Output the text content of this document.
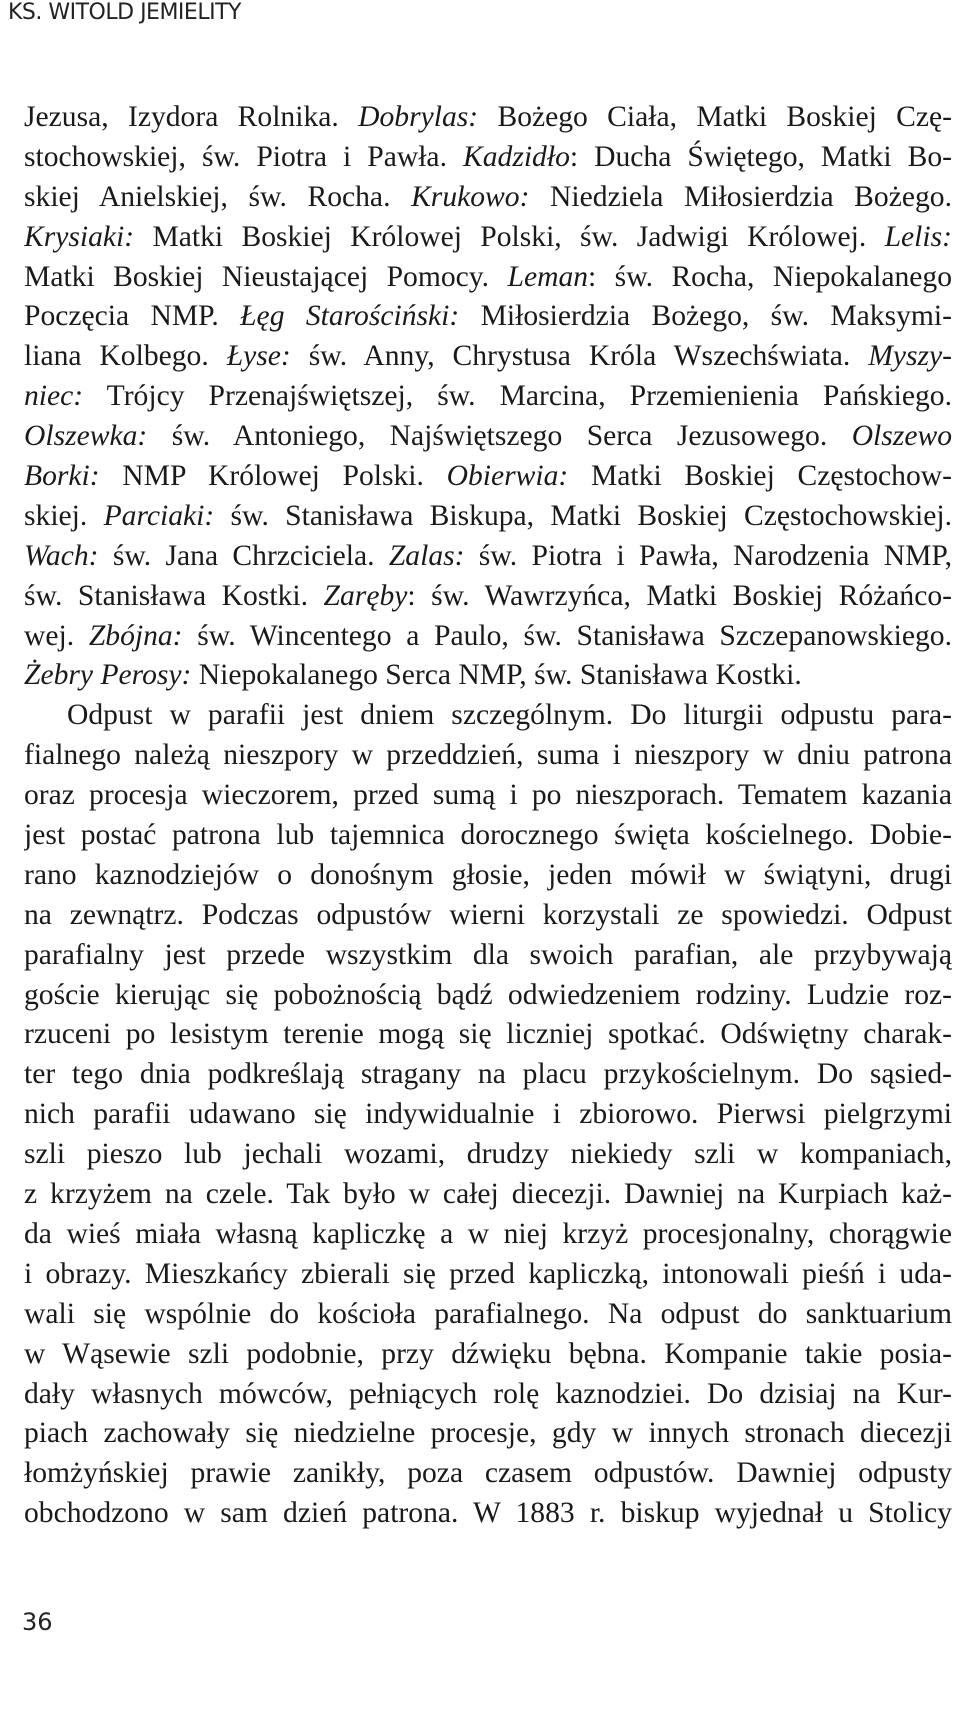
KS. WITOLD JEMIELITY
Jezusa, Izydora Rolnika. Dobrylas: Bożego Ciała, Matki Boskiej Czę-
stochowskiej, św. Piotra i Pawła. Kadzidło: Ducha Świętego, Matki Bo-
skiej Anielskiej, św. Rocha. Krukowo: Niedziela Miłosierdzia Bożego.
Krysiaki: Matki Boskiej Królowej Polski, św. Jadwigi Królowej. Lelis:
Matki Boskiej Nieustającej Pomocy. Leman: św. Rocha, Niepokalanego
Poczęcia NMP. Łęg Starościński: Miłosierdzia Bożego, św. Maksymi-
liana Kolbego. Łyse: św. Anny, Chrystusa Króla Wszechświata. Myszy-
niec: Trójcy Przenajświętszej, św. Marcina, Przemienienia Pańskiego.
Olszewka: św. Antoniego, Najświętszego Serca Jezusowego. Olszewo
Borki: NMP Królowej Polski. Obierwia: Matki Boskiej Częstochow-
skiej. Parciaki: św. Stanisława Biskupa, Matki Boskiej Częstochowskiej.
Wach: św. Jana Chrzciciela. Zalas: św. Piotra i Pawła, Narodzenia NMP,
św. Stanisława Kostki. Zaręby: św. Wawrzyńca, Matki Boskiej Różańco-
wej. Zbójna: św. Wincentego a Paulo, św. Stanisława Szczepanowskiego.
Żebry Perosy: Niepokalanego Serca NMP, św. Stanisława Kostki.
Odpust w parafii jest dniem szczególnym. Do liturgii odpustu para-
fialnego należą nieszpory w przeddzień, suma i nieszpory w dniu patrona
oraz procesja wieczorem, przed sumą i po nieszporach. Tematem kazania
jest postać patrona lub tajemnica dorocznego święta kościelnego. Dobie-
rano kaznodziejów o donośnym głosie, jeden mówił w świątyni, drugi
na zewnątrz. Podczas odpustów wierni korzystali ze spowiedzi. Odpust
parafialny jest przede wszystkim dla swoich parafian, ale przybywają
goście kierując się pobożnością bądź odwiedzeniem rodziny. Ludzie roz-
rzuceni po lesistym terenie mogą się liczniej spotkać. Odświętny charak-
ter tego dnia podkreślają stragany na placu przykościelnym. Do sąsied-
nich parafii udawano się indywidualnie i zbiorowo. Pierwsi pielgrzymi
szli pieszo lub jechali wozami, drudzy niekiedy szli w kompaniach,
z krzyżem na czele. Tak było w całej diecezji. Dawniej na Kurpiach każ-
da wieś miała własną kapliczkę a w niej krzyż procesjonalny, chorągwie
i obrazy. Mieszkańcy zbierali się przed kapliczką, intonowali pieśń i uda-
wali się wspólnie do kościoła parafialnego. Na odpust do sanktuarium
w Wąsewie szli podobnie, przy dźwięku bębna. Kompanie takie posia-
dały własnych mówców, pełniących rolę kaznodziei. Do dzisiaj na Kur-
piach zachowały się niedzielne procesje, gdy w innych stronach diecezji
łomżyńskiej prawie zanikły, poza czasem odpustów. Dawniej odpusty
obchodzono w sam dzień patrona. W 1883 r. biskup wyjednał u Stolicy
36
